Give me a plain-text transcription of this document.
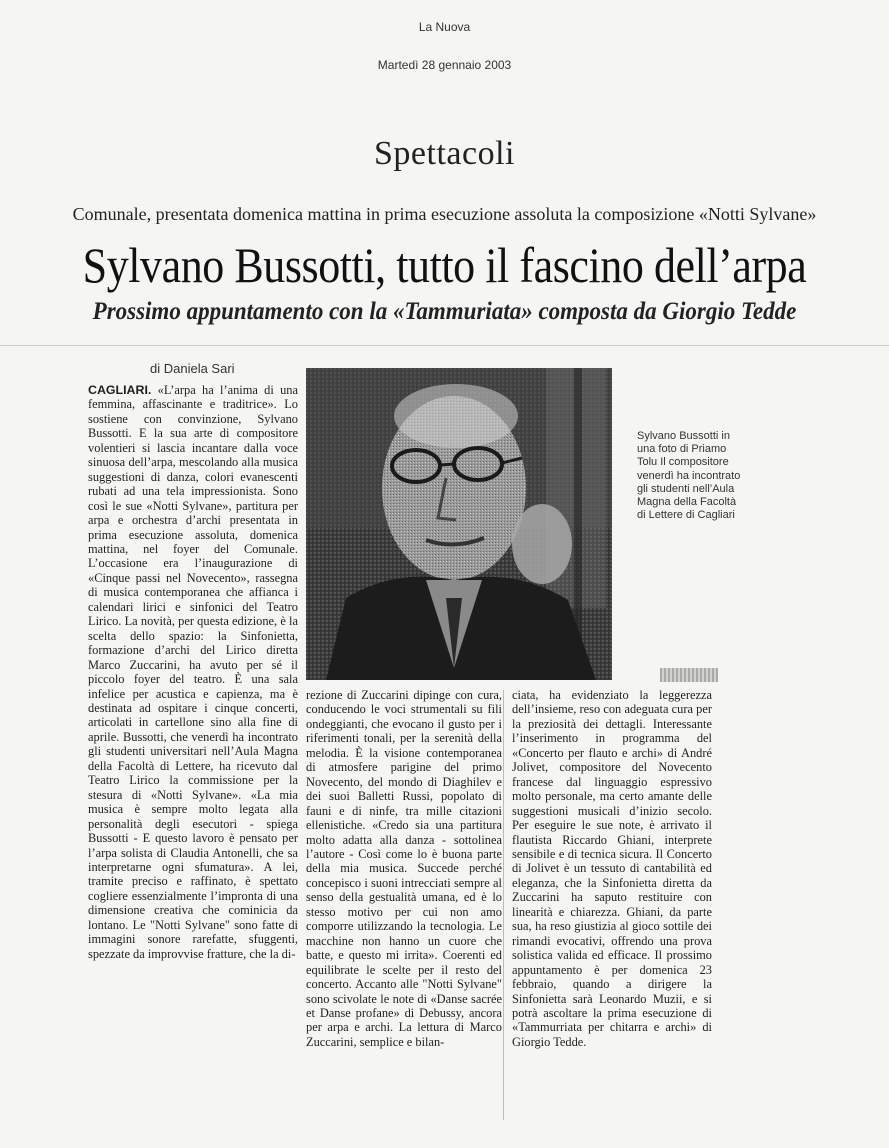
La Nuova
Martedì 28 gennaio 2003
Spettacoli
Comunale, presentata domenica mattina in prima esecuzione assoluta la composizione «Notti Sylvane»
Sylvano Bussotti, tutto il fascino dell’arpa
Prossimo appuntamento con la «Tammuriata» composta da Giorgio Tedde
di Daniela Sari

CAGLIARI. «L’arpa ha l’anima di una femmina, affascinante e traditrice». Lo sostiene con convinzione, Sylvano Bussotti. E la sua arte di compositore volentieri si lascia incantare dalla voce sinuosa dell’arpa, mescolando alla musica suggestioni di danza, colori evanescenti rubati ad una tela impressionista. Sono così le sue «Notti Sylvane», partitura per arpa e orchestra d’archi presentata in prima esecuzione assoluta, domenica mattina, nel foyer del Comunale. L’occasione era l’inaugurazione di «Cinque passi nel Novecento», rassegna di musica contemporanea che affianca i calendari lirici e sinfonici del Teatro Lirico. La novità, per questa edizione, è la scelta dello spazio: la Sinfonietta, formazione d’archi del Lirico diretta Marco Zuccarini, ha avuto per sé il piccolo foyer del teatro. È una sala infelice per acustica e capienza, ma è destinata ad ospitare i cinque concerti, articolati in cartellone sino alla fine di aprile. Bussotti, che venerdì ha incontrato gli studenti universitari nell’Aula Magna della Facoltà di Lettere, ha ricevuto dal Teatro Lirico la commissione per la stesura di «Notti Sylvane». «La mia musica è sempre molto legata alla personalità degli esecutori - spiega Bussotti - E questo lavoro è pensato per l’arpa solista di Claudia Antonelli, che sa interpretarne ogni sfumatura». A lei, tramite preciso e raffinato, è spettato cogliere essenzialmente l’impronta di una dimensione creativa che cominicia da lontano. Le "Notti Sylvane" sono fatte di immagini sonore rarefatte, sfuggenti, spezzate da improvvise fratture, che la di-

Sylvano Bussotti in una foto di Priamo Tolu Il compositore venerdì ha incontrato gli studenti nell’Aula Magna della Facoltà di Lettere di Cagliari

rezione di Zuccarini dipinge con cura, conducendo le voci strumentali su fili ondeggianti, che evocano il gusto per i riferimenti tonali, per la serenità della melodia. È la visione contemporanea di atmosfere parigine del primo Novecento, del mondo di Diaghilev e dei suoi Balletti Russi, popolato di fauni e di ninfe, tra mille citazioni ellenistiche. «Credo sia una partitura molto adatta alla danza - sottolinea l’autore - Così come lo è buona parte della mia musica. Succede perché concepisco i suoni intrecciati sempre al senso della gestualità umana, ed è lo stesso motivo per cui non amo comporre utilizzando la tecnologia. Le macchine non hanno un cuore che batte, e questo mi irrita». Coerenti ed equilibrate le scelte per il resto del concerto. Accanto alle "Notti Sylvane" sono scivolate le note di «Danse sacrée et Danse profane» di Debussy, ancora per arpa e archi. La lettura di Marco Zuccarini, semplice e bilan-

ciata, ha evidenziato la leggerezza dell’insieme, reso con adeguata cura per la preziosità dei dettagli. Interessante l’inserimento in programma del «Concerto per flauto e archi» di André Jolivet, compositore del Novecento francese dal linguaggio espressivo molto personale, ma certo amante delle suggestioni musicali d’inizio secolo. Per eseguire le sue note, è arrivato il flautista Riccardo Ghiani, interprete sensibile e di tecnica sicura. Il Concerto di Jolivet è un tessuto di cantabilità ed eleganza, che la Sinfonietta diretta da Zuccarini ha saputo restituire con linearità e chiarezza. Ghiani, da parte sua, ha reso giustizia al gioco sottile dei rimandi evocativi, offrendo una prova solistica valida ed efficace. Il prossimo appuntamento è per domenica 23 febbraio, quando a dirigere la Sinfonietta sarà Leonardo Muzii, e si potrà ascoltare la prima esecuzione di «Tammurriata per chitarra e archi» di Giorgio Tedde.
